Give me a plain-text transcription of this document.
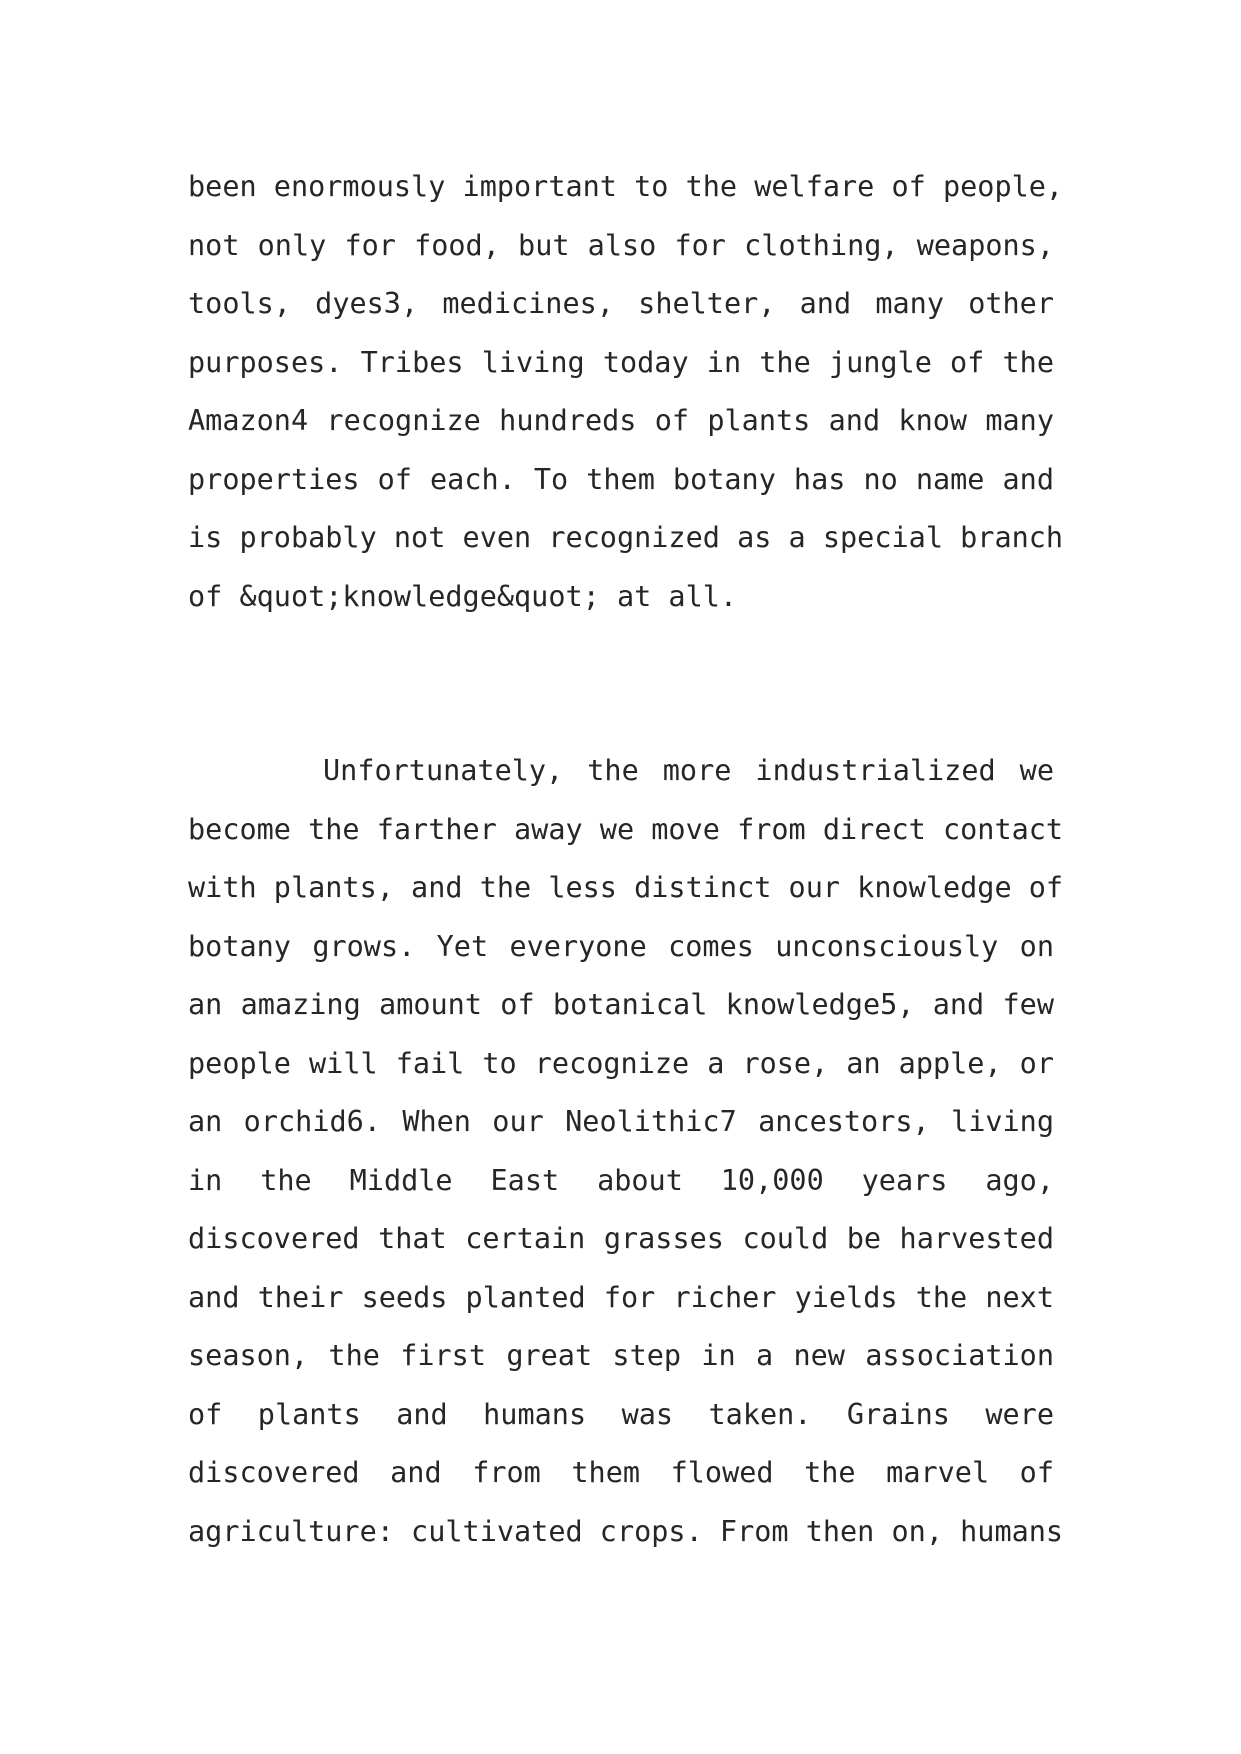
been enormously important to the welfare of people,
not only for food, but also for clothing, weapons,
tools, dyes3, medicines, shelter, and many other
purposes. Tribes living today in the jungle of the
Amazon4 recognize hundreds of plants and know many
properties of each. To them botany has no name and
is probably not even recognized as a special branch
of &quot;knowledge&quot; at all.
Unfortunately, the more industrialized we
become the farther away we move from direct contact
with plants, and the less distinct our knowledge of
botany grows. Yet everyone comes unconsciously on
an amazing amount of botanical knowledge5, and few
people will fail to recognize a rose, an apple, or
an orchid6. When our Neolithic7 ancestors, living
in the Middle East about 10,000 years ago,
discovered that certain grasses could be harvested
and their seeds planted for richer yields the next
season, the first great step in a new association
of plants and humans was taken. Grains were
discovered and from them flowed the marvel of
agriculture: cultivated crops. From then on, humans
